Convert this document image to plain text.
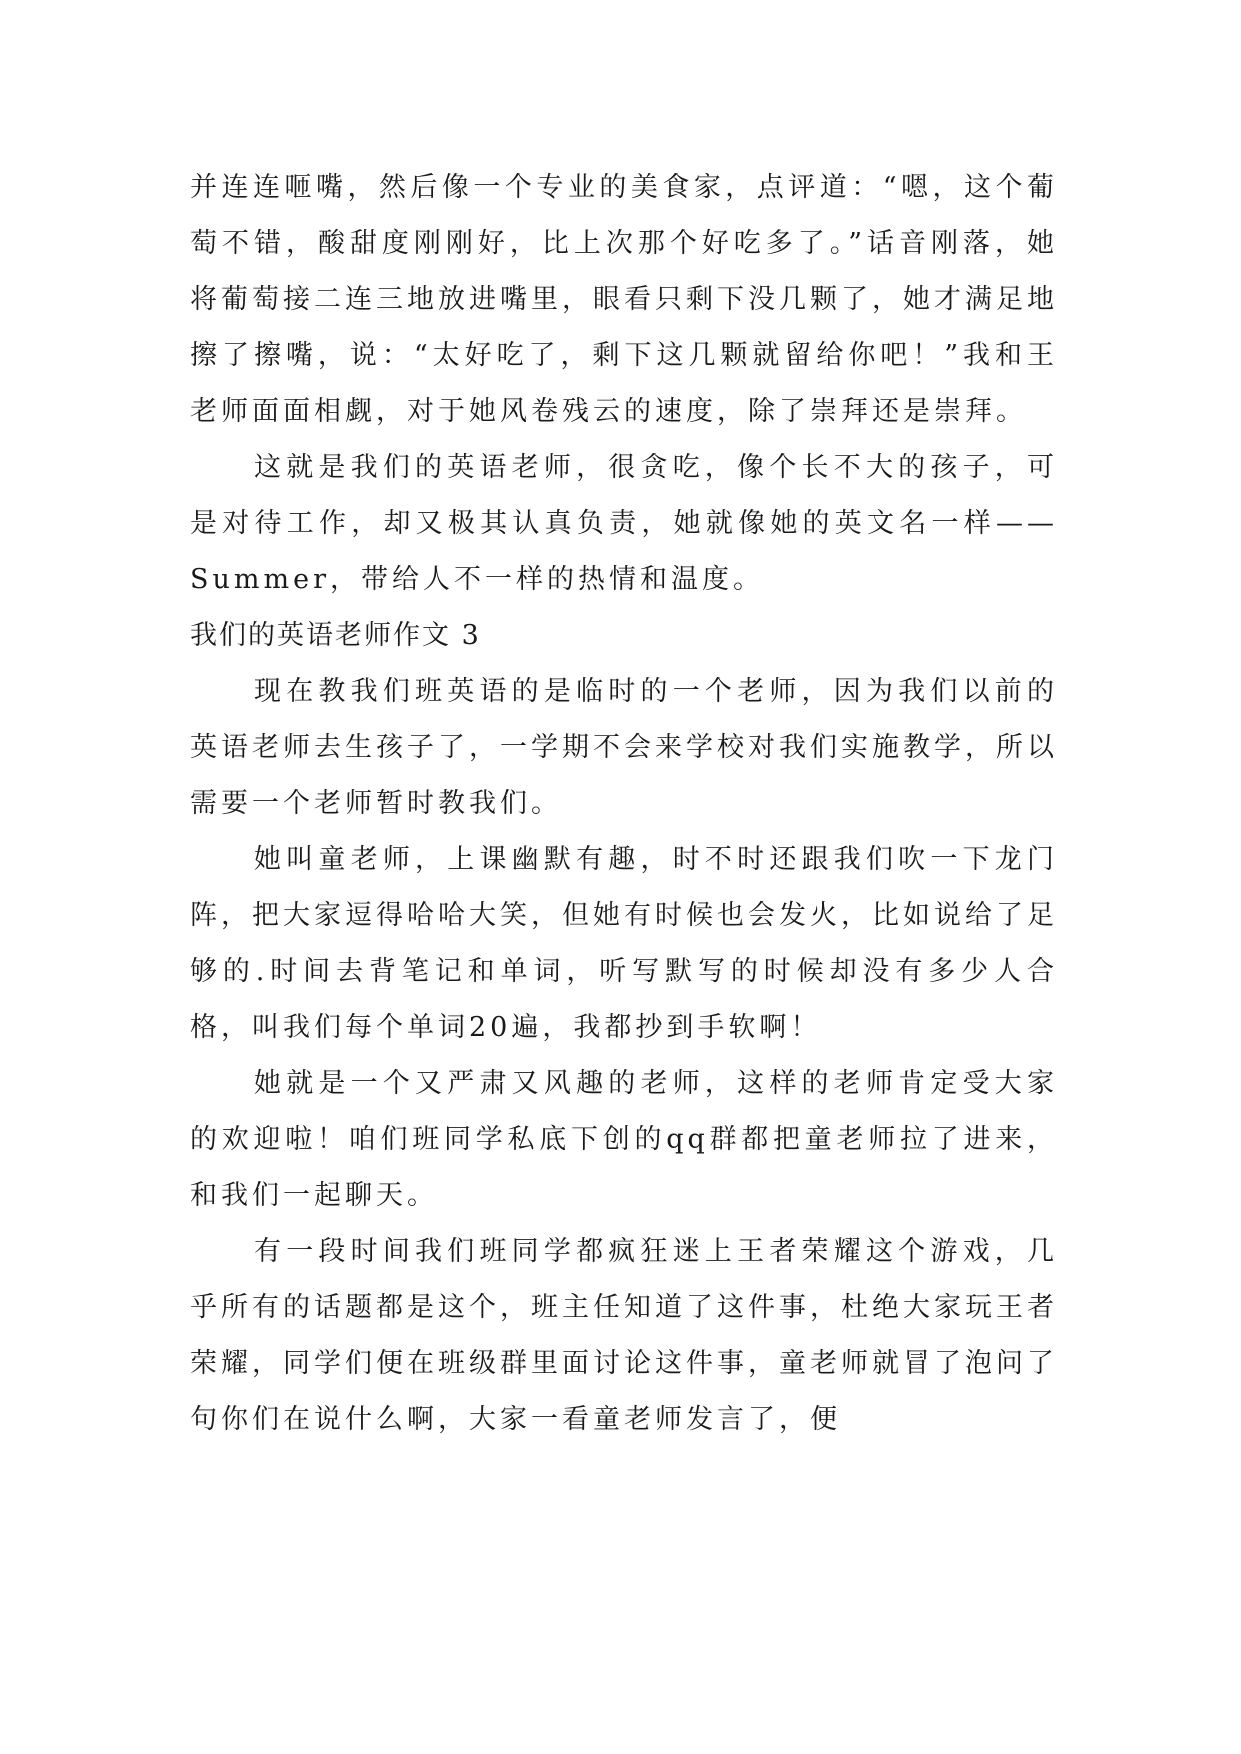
并连连咂嘴，然后像一个专业的美食家，点评道：“嗯，这个葡萄不错，酸甜度刚刚好，比上次那个好吃多了。”话音刚落，她将葡萄接二连三地放进嘴里，眼看只剩下没几颗了，她才满足地擦了擦嘴，说：“太好吃了，剩下这几颗就留给你吧！”我和王老师面面相觑，对于她风卷残云的速度，除了崇拜还是崇拜。

这就是我们的英语老师，很贪吃，像个长不大的孩子，可是对待工作，却又极其认真负责，她就像她的英文名一样——Summer，带给人不一样的热情和温度。

我们的英语老师作文 3

现在教我们班英语的是临时的一个老师，因为我们以前的英语老师去生孩子了，一学期不会来学校对我们实施教学，所以需要一个老师暂时教我们。

她叫童老师，上课幽默有趣，时不时还跟我们吹一下龙门阵，把大家逗得哈哈大笑，但她有时候也会发火，比如说给了足够的.时间去背笔记和单词，听写默写的时候却没有多少人合格，叫我们每个单词20遍，我都抄到手软啊！

她就是一个又严肃又风趣的老师，这样的老师肯定受大家的欢迎啦！咱们班同学私底下创的qq群都把童老师拉了进来，和我们一起聊天。

有一段时间我们班同学都疯狂迷上王者荣耀这个游戏，几乎所有的话题都是这个，班主任知道了这件事，杜绝大家玩王者荣耀，同学们便在班级群里面讨论这件事，童老师就冒了泡问了句你们在说什么啊，大家一看童老师发言了，便
